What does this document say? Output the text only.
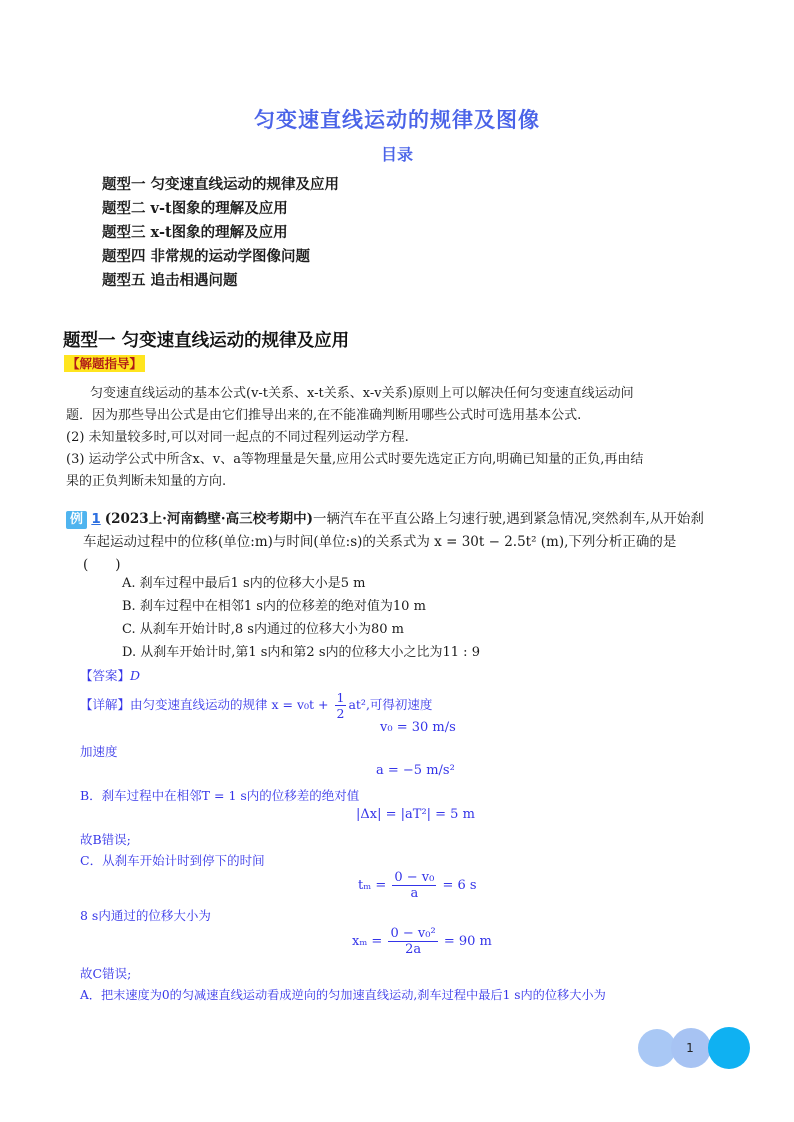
匀变速直线运动的规律及图像
目录
题型一 匀变速直线运动的规律及应用
题型二 v-t图象的理解及应用
题型三 x-t图象的理解及应用
题型四 非常规的运动学图像问题
题型五 追击相遇问题
题型一 匀变速直线运动的规律及应用
【解题指导】

匀变速直线运动的基本公式(v-t关系、x-t关系、x-v关系)原则上可以解决任何匀变速直线运动问

题．因为那些导出公式是由它们推导出来的,在不能准确判断用哪些公式时可选用基本公式.

(2) 未知量较多时,可以对同一起点的不同过程列运动学方程.

(3) 运动学公式中所含x、v、a等物理量是矢量,应用公式时要先选定正方向,明确已知量的正负,再由结

果的正负判断未知量的方向.

例 1 (2023上·河南鹤壁·高三校考期中)一辆汽车在平直公路上匀速行驶,遇到紧急情况,突然刹车,从开始刹
车起运动过程中的位移(单位:m)与时间(单位:s)的关系式为 x = 30t − 2.5t² (m),下列分析正确的是
(　　)
A. 刹车过程中最后1 s内的位移大小是5 m
B. 刹车过程中在相邻1 s内的位移差的绝对值为10 m
C. 从刹车开始计时,8 s内通过的位移大小为80 m
D. 从刹车开始计时,第1 s内和第2 s内的位移大小之比为11 : 9
【答案】D
【详解】由匀变速直线运动的规律 $x = v_0t + \frac{1}{2} at^2$,可得初速度
v₀ = 30 m/s
加速度
a = −5 m/s²
B．刹车过程中在相邻T = 1 s内的位移差的绝对值
|Δx| = |aT²| = 5 m
故B错误;
C．从刹车开始计时到停下的时间
$t_m = \frac{\text{0 − v₀}}{a} = 6$ s
8 s内通过的位移大小为
$x_m = \frac{\text{0 − v₀²}}{2a} = 90$ m
故C错误;
A．把末速度为0的匀减速直线运动看成逆向的匀加速直线运动,刹车过程中最后1 s内的位移大小为
1
